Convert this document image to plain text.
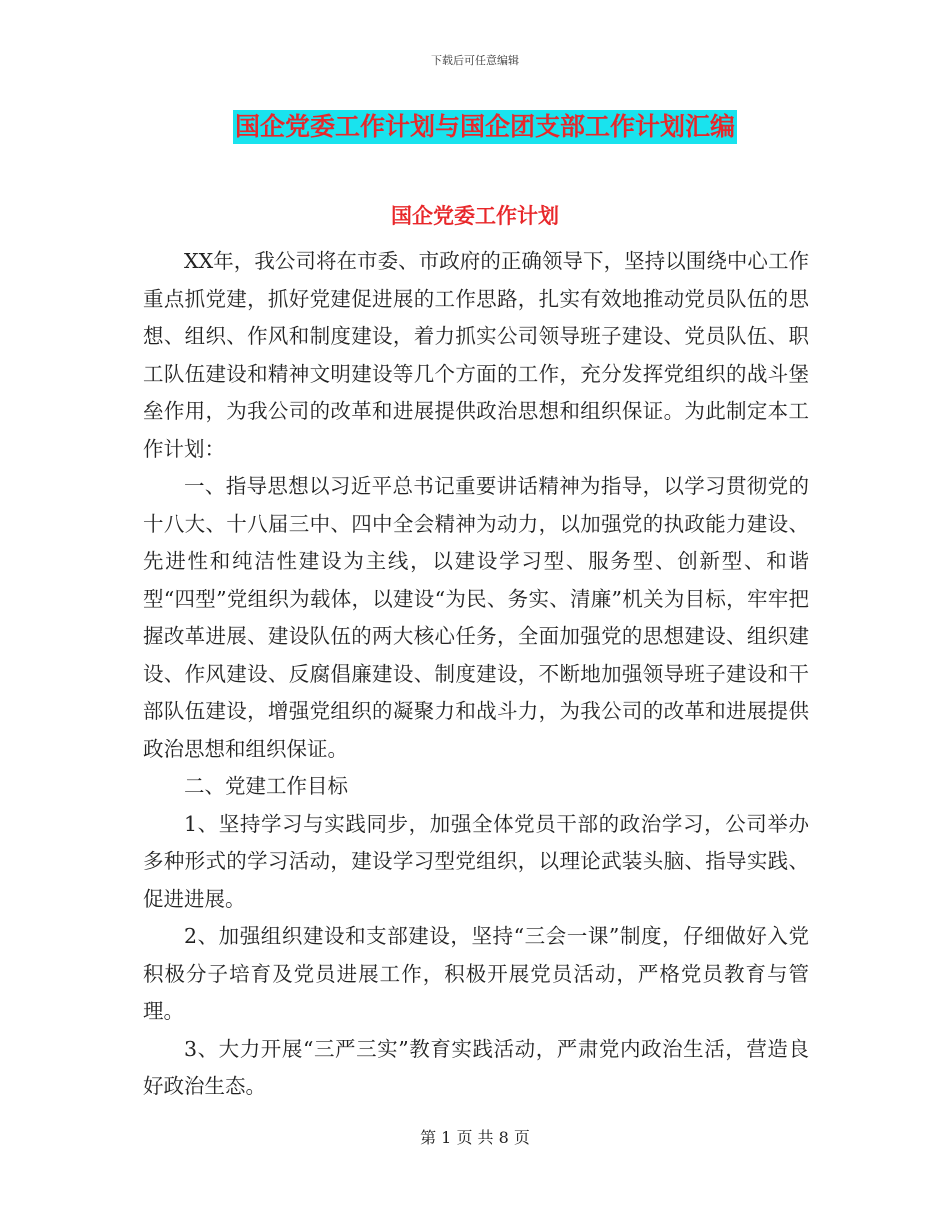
下载后可任意编辑
国企党委工作计划与国企团支部工作计划汇编
国企党委工作计划

XX年，我公司将在市委、市政府的正确领导下，坚持以围绕中心工作重点抓党建，抓好党建促进展的工作思路，扎实有效地推动党员队伍的思想、组织、作风和制度建设，着力抓实公司领导班子建设、党员队伍、职工队伍建设和精神文明建设等几个方面的工作，充分发挥党组织的战斗堡垒作用，为我公司的改革和进展提供政治思想和组织保证。为此制定本工作计划：

一、指导思想以习近平总书记重要讲话精神为指导，以学习贯彻党的十八大、十八届三中、四中全会精神为动力，以加强党的执政能力建设、先进性和纯洁性建设为主线，以建设学习型、服务型、创新型、和谐型“四型”党组织为载体，以建设“为民、务实、清廉”机关为目标，牢牢把握改革进展、建设队伍的两大核心任务，全面加强党的思想建设、组织建设、作风建设、反腐倡廉建设、制度建设，不断地加强领导班子建设和干部队伍建设，增强党组织的凝聚力和战斗力，为我公司的改革和进展提供政治思想和组织保证。

二、党建工作目标

1、坚持学习与实践同步，加强全体党员干部的政治学习，公司举办多种形式的学习活动，建设学习型党组织，以理论武装头脑、指导实践、促进进展。

2、加强组织建设和支部建设，坚持“三会一课”制度，仔细做好入党积极分子培育及党员进展工作，积极开展党员活动，严格党员教育与管理。

3、大力开展“三严三实”教育实践活动，严肃党内政治生活，营造良好政治生态。

第 1 页 共 8 页
